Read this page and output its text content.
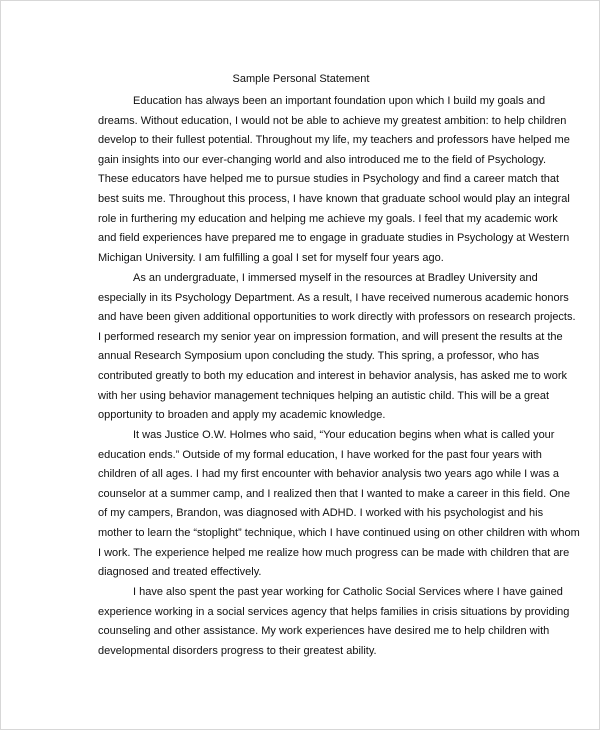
Sample Personal Statement
Education has always been an important foundation upon which I build my goals and
dreams. Without education, I would not be able to achieve my greatest ambition: to help children
develop to their fullest potential. Throughout my life, my teachers and professors have helped me
gain insights into our ever-changing world and also introduced me to the field of Psychology.
These educators have helped me to pursue studies in Psychology and find a career match that
best suits me. Throughout this process, I have known that graduate school would play an integral
role in furthering my education and helping me achieve my goals. I feel that my academic work
and field experiences have prepared me to engage in graduate studies in Psychology at Western
Michigan University. I am fulfilling a goal I set for myself four years ago.
As an undergraduate, I immersed myself in the resources at Bradley University and
especially in its Psychology Department. As a result, I have received numerous academic honors
and have been given additional opportunities to work directly with professors on research projects.
I performed research my senior year on impression formation, and will present the results at the
annual Research Symposium upon concluding the study. This spring, a professor, who has
contributed greatly to both my education and interest in behavior analysis, has asked me to work
with her using behavior management techniques helping an autistic child. This will be a great
opportunity to broaden and apply my academic knowledge.
It was Justice O.W. Holmes who said, “Your education begins when what is called your
education ends.” Outside of my formal education, I have worked for the past four years with
children of all ages. I had my first encounter with behavior analysis two years ago while I was a
counselor at a summer camp, and I realized then that I wanted to make a career in this field. One
of my campers, Brandon, was diagnosed with ADHD. I worked with his psychologist and his
mother to learn the “stoplight” technique, which I have continued using on other children with whom
I work. The experience helped me realize how much progress can be made with children that are
diagnosed and treated effectively.
I have also spent the past year working for Catholic Social Services where I have gained
experience working in a social services agency that helps families in crisis situations by providing
counseling and other assistance. My work experiences have desired me to help children with
developmental disorders progress to their greatest ability.
